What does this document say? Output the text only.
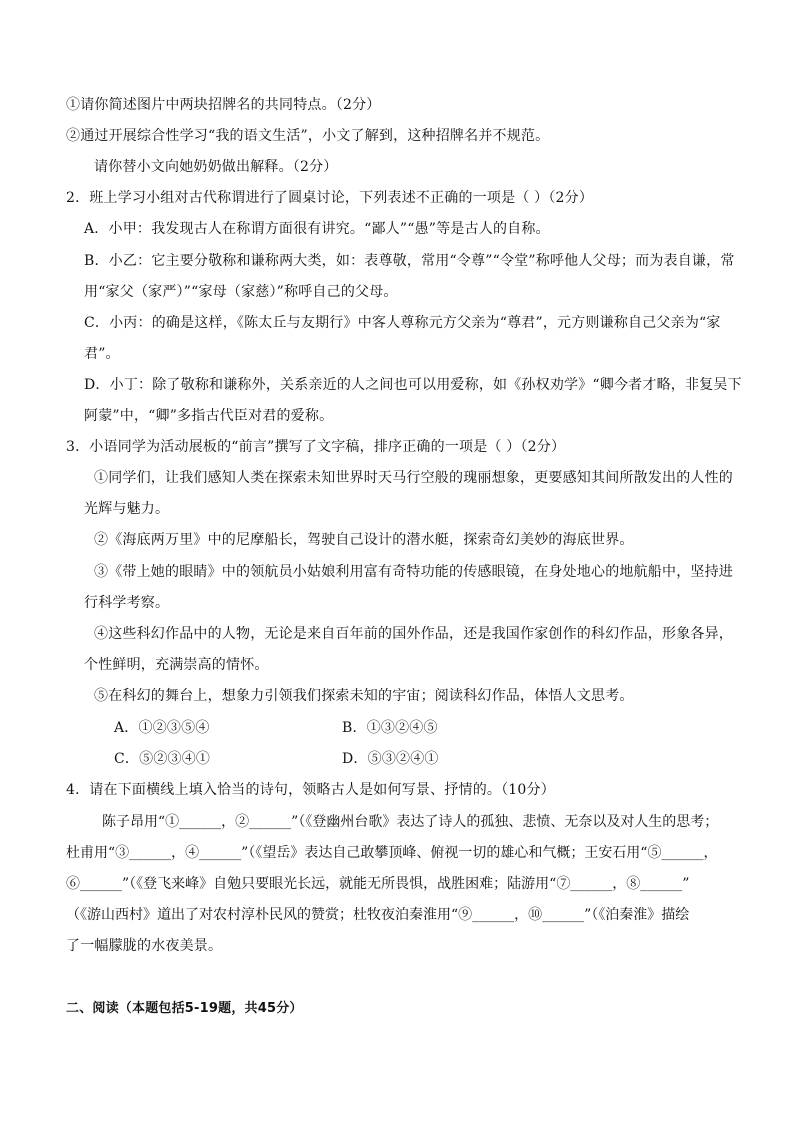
①请你简述图片中两块招牌名的共同特点。（2分）
②通过开展综合性学习“我的语文生活”，小文了解到，这种招牌名并不规范。
请你替小文向她奶奶做出解释。（2分）
2．班上学习小组对古代称谓进行了圆桌讨论，下列表述不正确的一项是（ ）（2分）
A．小甲：我发现古人在称谓方面很有讲究。“鄙人”“愚”等是古人的自称。
B．小乙：它主要分敬称和谦称两大类，如：表尊敬，常用“令尊”“令堂”称呼他人父母；而为表自谦，常
用“家父（家严）”“家母（家慈）”称呼自己的父母。
C．小丙：的确是这样，《陈太丘与友期行》中客人尊称元方父亲为“尊君”，元方则谦称自己父亲为“家
君”。
D．小丁：除了敬称和谦称外，关系亲近的人之间也可以用爱称，如《孙权劝学》“卿今者才略，非复吴下
阿蒙”中，“卿”多指古代臣对君的爱称。
3．小语同学为活动展板的“前言”撰写了文字稿，排序正确的一项是（ ）（2分）
①同学们，让我们感知人类在探索未知世界时天马行空般的瑰丽想象，更要感知其间所散发出的人性的
光辉与魅力。
②《海底两万里》中的尼摩船长，驾驶自己设计的潜水艇，探索奇幻美妙的海底世界。
③《带上她的眼睛》中的领航员小姑娘利用富有奇特功能的传感眼镜，在身处地心的地航船中，坚持进
行科学考察。
④这些科幻作品中的人物，无论是来自百年前的国外作品，还是我国作家创作的科幻作品，形象各异，
个性鲜明，充满崇高的情怀。
⑤在科幻的舞台上，想象力引领我们探索未知的宇宙；阅读科幻作品，体悟人文思考。
A．①②③⑤④	B．①③②④⑤
C．⑤②③④①	D．⑤③②④①
4．请在下面横线上填入恰当的诗句，领略古人是如何写景、抒情的。（10分）
陈子昂用“①______，②______”（《登幽州台歌》表达了诗人的孤独、悲愤、无奈以及对人生的思考；
杜甫用“③______，④______”（《望岳》表达自己敢攀顶峰、俯视一切的雄心和气概；王安石用“⑤______，
⑥______”（《登飞来峰》自勉只要眼光长远，就能无所畏惧，战胜困难；陆游用“⑦______，⑧______”
（《游山西村》道出了对农村淳朴民风的赞赏；杜牧夜泊秦淮用“⑨______，⑩______”（《泊秦淮》描绘
了一幅朦胧的水夜美景。
二、阅读（本题包括5-19题，共45分）
